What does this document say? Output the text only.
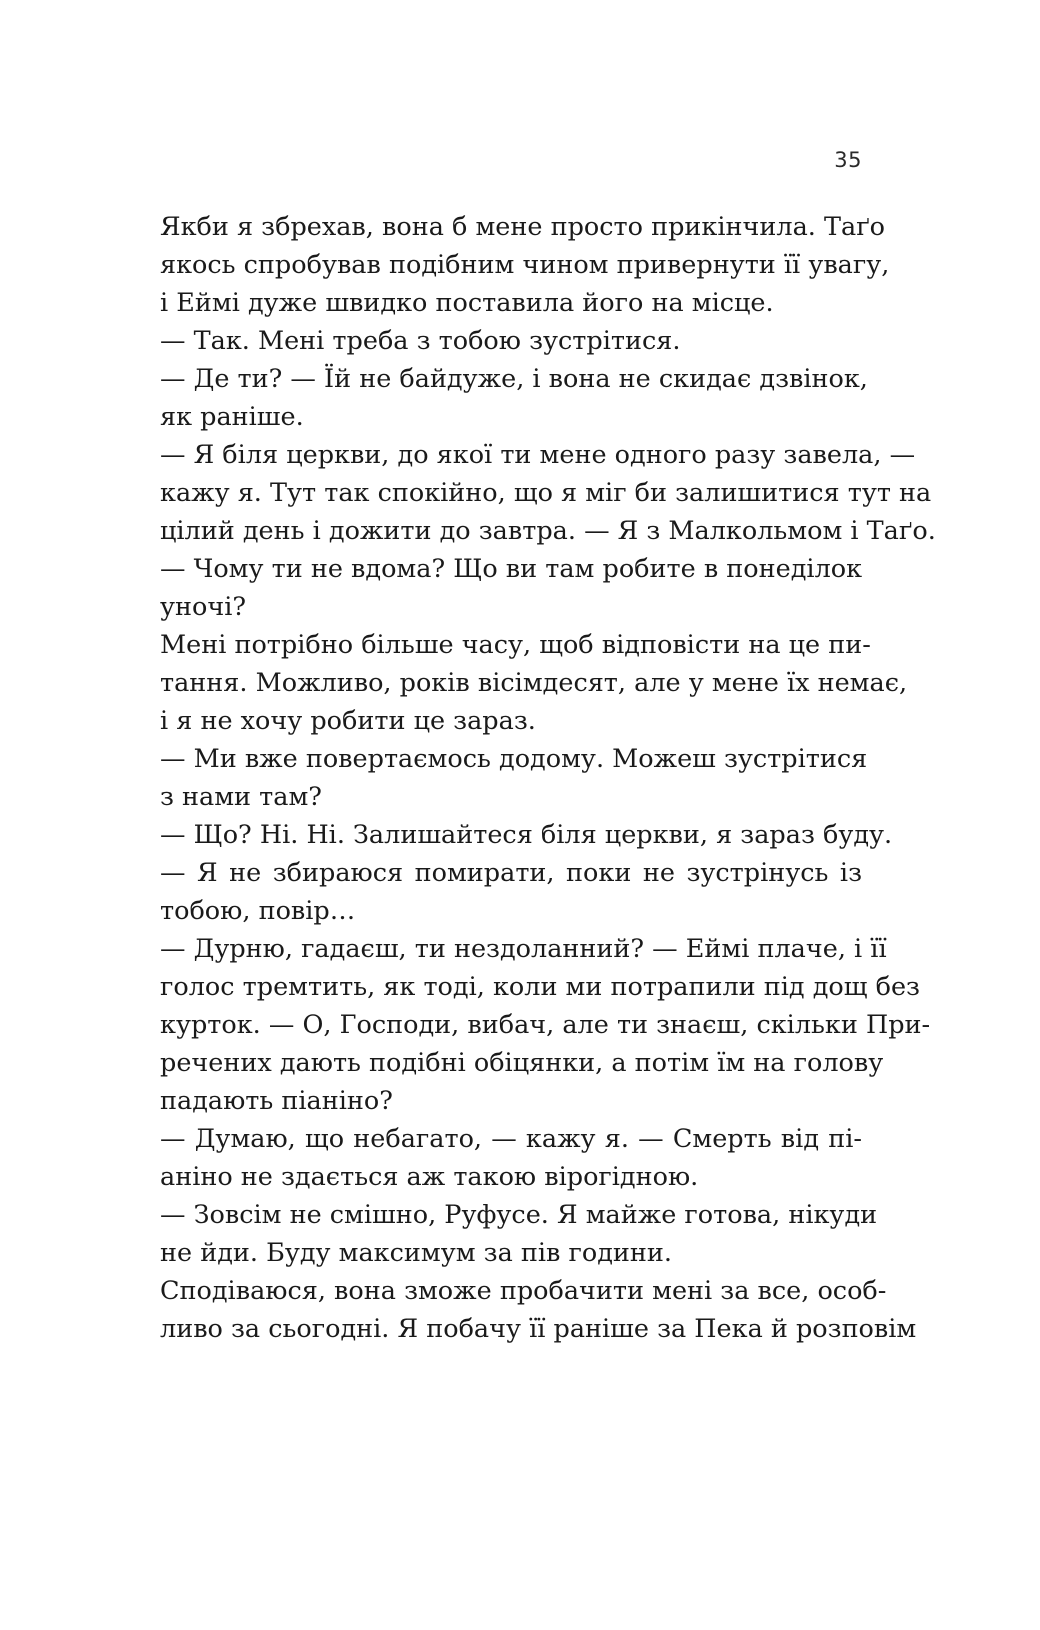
35
Якби я збрехав, вона б мене просто прикінчила. Таґо
якось спробував подібним чином привернути її увагу,
і Еймі дуже швидко поставила його на місце.
— Так. Мені треба з тобою зустрітися.
— Де ти? — Їй не байдуже, і вона не скидає дзвінок,
як раніше.
— Я біля церкви, до якої ти мене одного разу завела, —
кажу я. Тут так спокійно, що я міг би залишитися тут на
цілий день і дожити до завтра. — Я з Малкольмом і Таґо.
— Чому ти не вдома? Що ви там робите в понеділок
уночі?
Мені потрібно більше часу, щоб відповісти на це пи-
тання. Можливо, років вісімдесят, але у мене їх немає,
і я не хочу робити це зараз.
— Ми вже повертаємось додому. Можеш зустрітися
з нами там?
— Що? Ні. Ні. Залишайтеся біля церкви, я зараз буду.
— Я не збираюся помирати, поки не зустрінусь із
тобою, повір…
— Дурню, гадаєш, ти нездоланний? — Еймі плаче, і її
голос тремтить, як тоді, коли ми потрапили під дощ без
курток. — О, Господи, вибач, але ти знаєш, скільки При-
речених дають подібні обіцянки, а потім їм на голову
падають піаніно?
— Думаю, що небагато, — кажу я. — Смерть від пі-
аніно не здається аж такою вірогідною.
— Зовсім не смішно, Руфусе. Я майже готова, нікуди
не йди. Буду максимум за пів години.
Сподіваюся, вона зможе пробачити мені за все, особ-
ливо за сьогодні. Я побачу її раніше за Пека й розповім
